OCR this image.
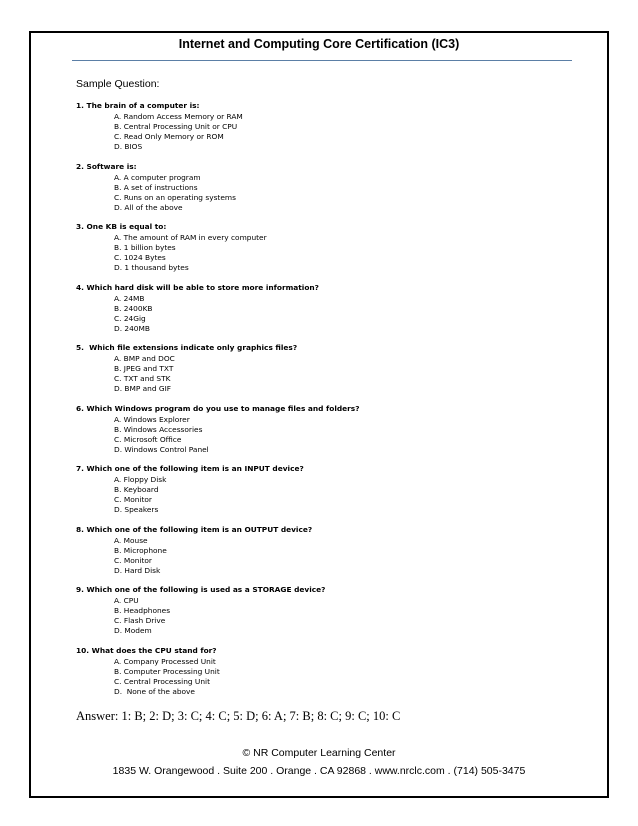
Internet and Computing Core Certification (IC3)
Sample Question:
1. The brain of a computer is:
A. Random Access Memory or RAM
B. Central Processing Unit or CPU
C. Read Only Memory or ROM
D. BIOS
2. Software is:
A. A computer program
B. A set of instructions
C. Runs on an operating systems
D. All of the above
3. One KB is equal to:
A. The amount of RAM in every computer
B. 1 billion bytes
C. 1024 Bytes
D. 1 thousand bytes
4. Which hard disk will be able to store more information?
A. 24MB
B. 2400KB
C. 24Gig
D. 240MB
5.  Which file extensions indicate only graphics files?
A. BMP and DOC
B. JPEG and TXT
C. TXT and STK
D. BMP and GIF
6. Which Windows program do you use to manage files and folders?
A. Windows Explorer
B. Windows Accessories
C. Microsoft Office
D. Windows Control Panel
7. Which one of the following item is an INPUT device?
A. Floppy Disk
B. Keyboard
C. Monitor
D. Speakers
8. Which one of the following item is an OUTPUT device?
A. Mouse
B. Microphone
C. Monitor
D. Hard Disk
9. Which one of the following is used as a STORAGE device?
A. CPU
B. Headphones
C. Flash Drive
D. Modem
10. What does the CPU stand for?
A. Company Processed Unit
B. Computer Processing Unit
C. Central Processing Unit
D.  None of the above
Answer: 1: B; 2: D; 3: C; 4: C; 5: D; 6: A; 7: B; 8: C; 9: C; 10: C
© NR Computer Learning Center
1835 W. Orangewood . Suite 200 . Orange . CA 92868 . www.nrclc.com . (714) 505-3475
